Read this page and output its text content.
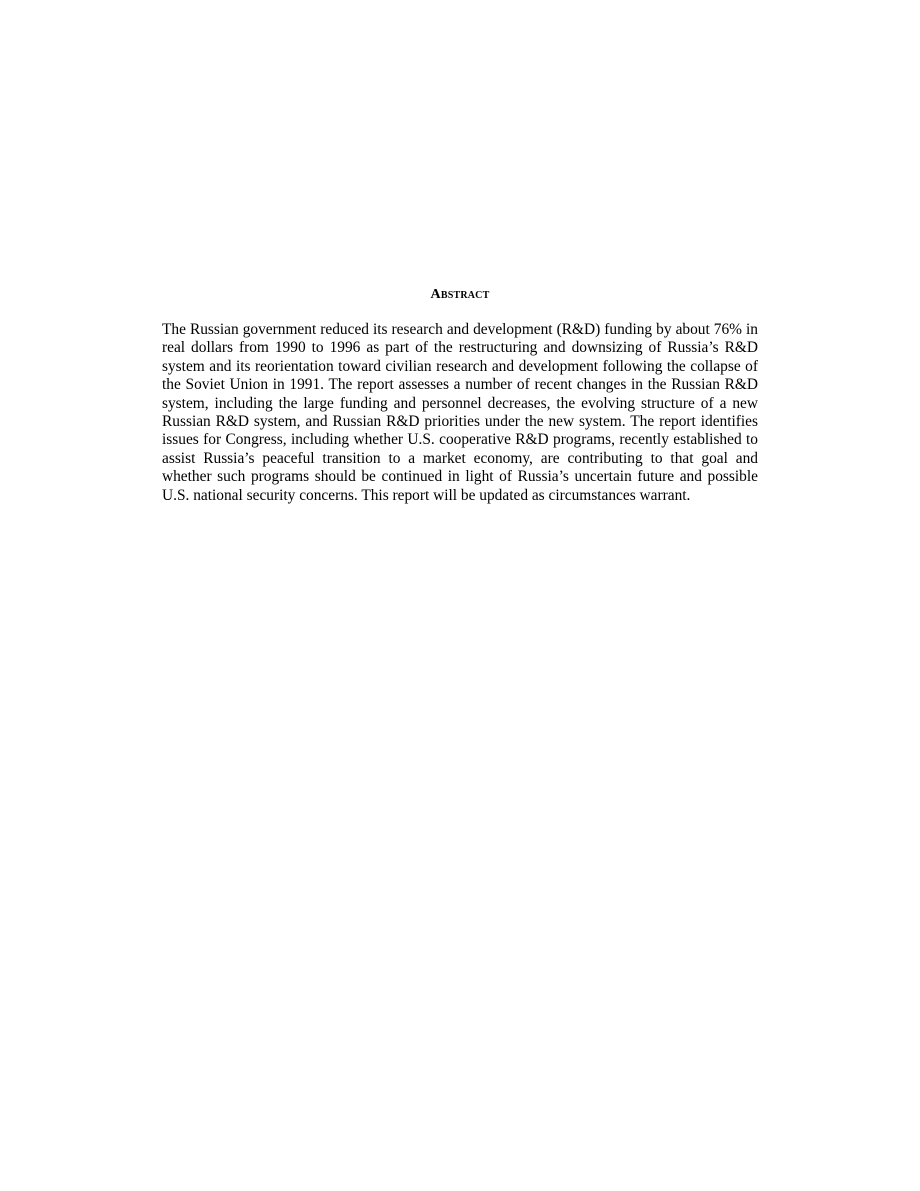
Abstract

The Russian government reduced its research and development (R&D) funding by about 76% in real dollars from 1990 to 1996 as part of the restructuring and downsizing of Russia’s R&D system and its reorientation toward civilian research and development following the collapse of the Soviet Union in 1991. The report assesses a number of recent changes in the Russian R&D system, including the large funding and personnel decreases, the evolving structure of a new Russian R&D system, and Russian R&D priorities under the new system. The report identifies issues for Congress, including whether U.S. cooperative R&D programs, recently established to assist Russia’s peaceful transition to a market economy, are contributing to that goal and whether such programs should be continued in light of Russia’s uncertain future and possible U.S. national security concerns. This report will be updated as circumstances warrant.
